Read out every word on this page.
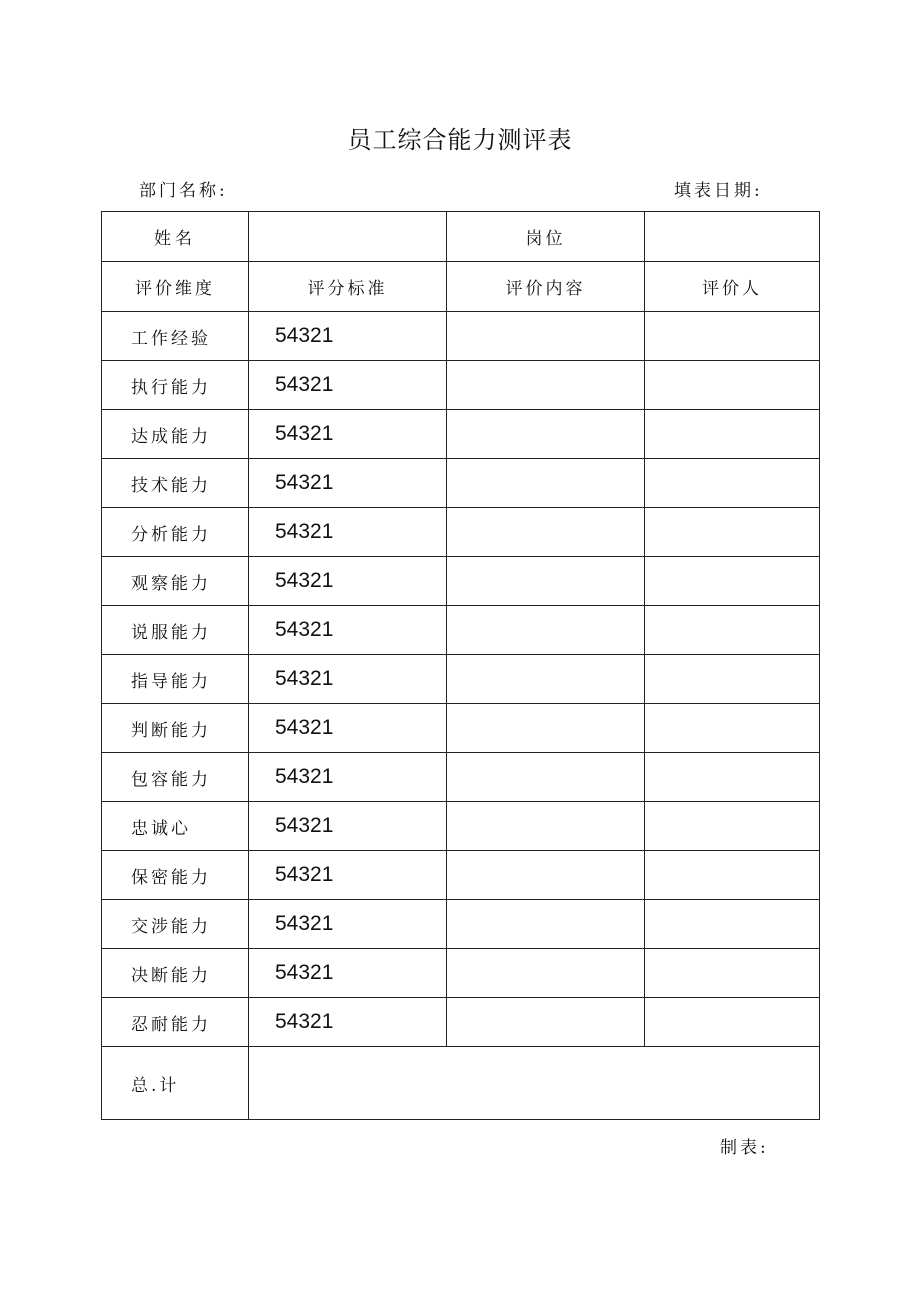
员工综合能力测评表
部门名称:	填表日期:
姓名		岗位	
评价维度	评分标准	评价内容	评价人
工作经验	54321		
执行能力	54321		
达成能力	54321		
技术能力	54321		
分析能力	54321		
观察能力	54321		
说服能力	54321		
指导能力	54321		
判断能力	54321		
包容能力	54321		
忠诚心	54321		
保密能力	54321		
交涉能力	54321		
决断能力	54321		
忍耐能力	54321		
总.计			
制表:
